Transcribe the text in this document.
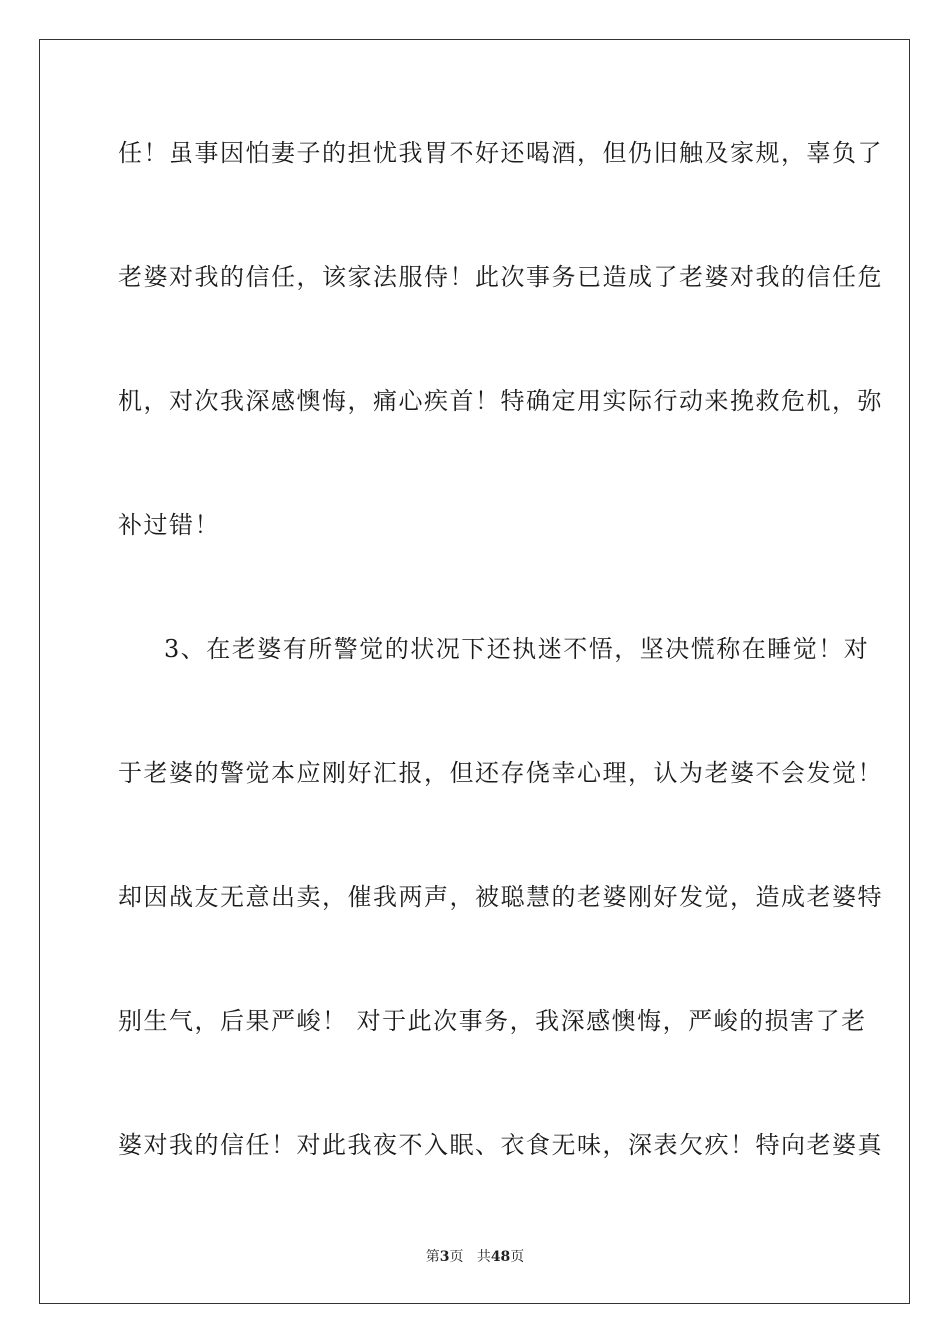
任！虽事因怕妻子的担忧我胃不好还喝酒，但仍旧触及家规，辜负了
老婆对我的信任，该家法服侍！此次事务已造成了老婆对我的信任危
机，对次我深感懊悔，痛心疾首！特确定用实际行动来挽救危机，弥
补过错！
3、在老婆有所警觉的状况下还执迷不悟，坚决慌称在睡觉！对
于老婆的警觉本应刚好汇报，但还存侥幸心理，认为老婆不会发觉！
却因战友无意出卖，催我两声，被聪慧的老婆刚好发觉，造成老婆特
别生气，后果严峻！ 对于此次事务，我深感懊悔，严峻的损害了老
婆对我的信任！对此我夜不入眠、衣食无味，深表欠疚！特向老婆真
第3页 共48页
